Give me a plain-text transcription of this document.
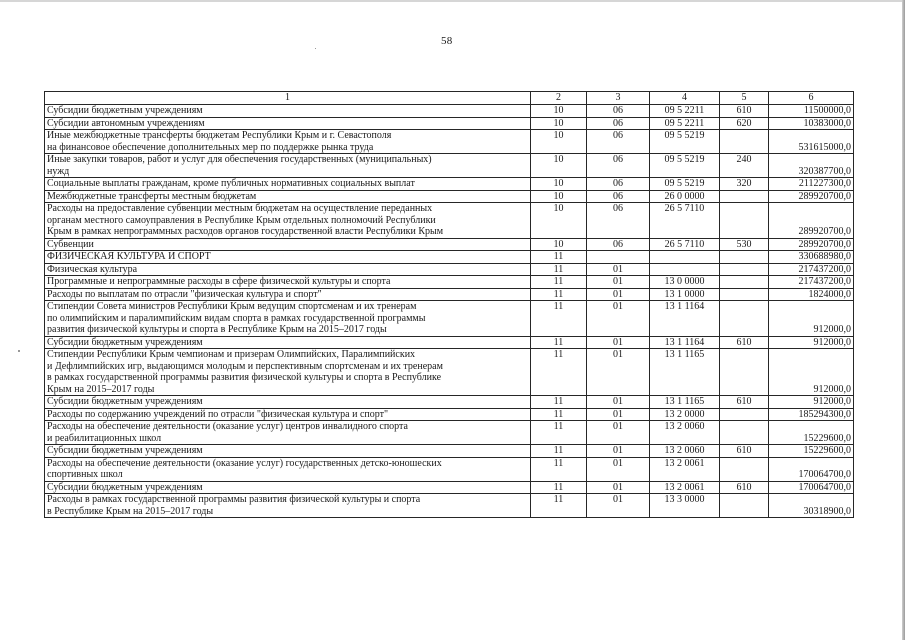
58
1	2	3	4	5	6

Субсидии бюджетным учреждениям	10	06	09 5 2211	610	11500000,0

Субсидии автономным учреждениям	10	06	09 5 2211	620	10383000,0

Иные межбюджетные трансферты бюджетам Республики Крым и г. Севастополя
на финансовое обеспечение дополнительных мер по поддержке рынка труда	10	06	09 5 5219		531615000,0

Иные закупки товаров, работ и услуг для обеспечения государственных (муниципальных)
нужд	10	06	09 5 5219	240	320387700,0

Социальные выплаты гражданам, кроме публичных нормативных социальных выплат	10	06	09 5 5219	320	211227300,0

Межбюджетные трансферты местным бюджетам	10	06	26 0 0000		289920700,0

Расходы на предоставление субвенции местным бюджетам на осуществление переданных
органам местного самоуправления в Республике Крым отдельных полномочий Республики
Крым в рамках непрограммных расходов органов государственной власти Республики Крым	10	06	26 5 7110		289920700,0

Субвенции	10	06	26 5 7110	530	289920700,0

ФИЗИЧЕСКАЯ КУЛЬТУРА И СПОРТ	11				330688980,0

Физическая культура	11	01			217437200,0

Программные и непрограммные расходы в сфере физической культуры и спорта	11	01	13 0 0000		217437200,0

Расходы по выплатам по отрасли "физическая культура и спорт"	11	01	13 1 0000		1824000,0

Стипендии Совета министров Республики Крым ведущим спортсменам и их тренерам
по олимпийским и паралимпийским видам спорта в рамках государственной программы
развития физической культуры и спорта в Республике Крым на 2015–2017 годы	11	01	13 1 1164		912000,0

Субсидии бюджетным учреждениям	11	01	13 1 1164	610	912000,0

Стипендии Республики Крым чемпионам и призерам Олимпийских, Паралимпийских
и Дефлимпийских игр, выдающимся молодым и перспективным спортсменам и их тренерам
в рамках государственной программы развития физической культуры и спорта в Республике
Крым на 2015–2017 годы	11	01	13 1 1165		912000,0

Субсидии бюджетным учреждениям	11	01	13 1 1165	610	912000,0

Расходы по содержанию учреждений по отрасли "физическая культура и спорт"	11	01	13 2 0000		185294300,0

Расходы на обеспечение деятельности (оказание услуг) центров инвалидного спорта
и реабилитационных школ	11	01	13 2 0060		15229600,0

Субсидии бюджетным учреждениям	11	01	13 2 0060	610	15229600,0

Расходы на обеспечение деятельности (оказание услуг) государственных детско-юношеских
спортивных школ	11	01	13 2 0061		170064700,0

Субсидии бюджетным учреждениям	11	01	13 2 0061	610	170064700,0

Расходы в рамках государственной программы развития физической культуры и спорта
в Республике Крым на 2015–2017 годы	11	01	13 3 0000		30318900,0
